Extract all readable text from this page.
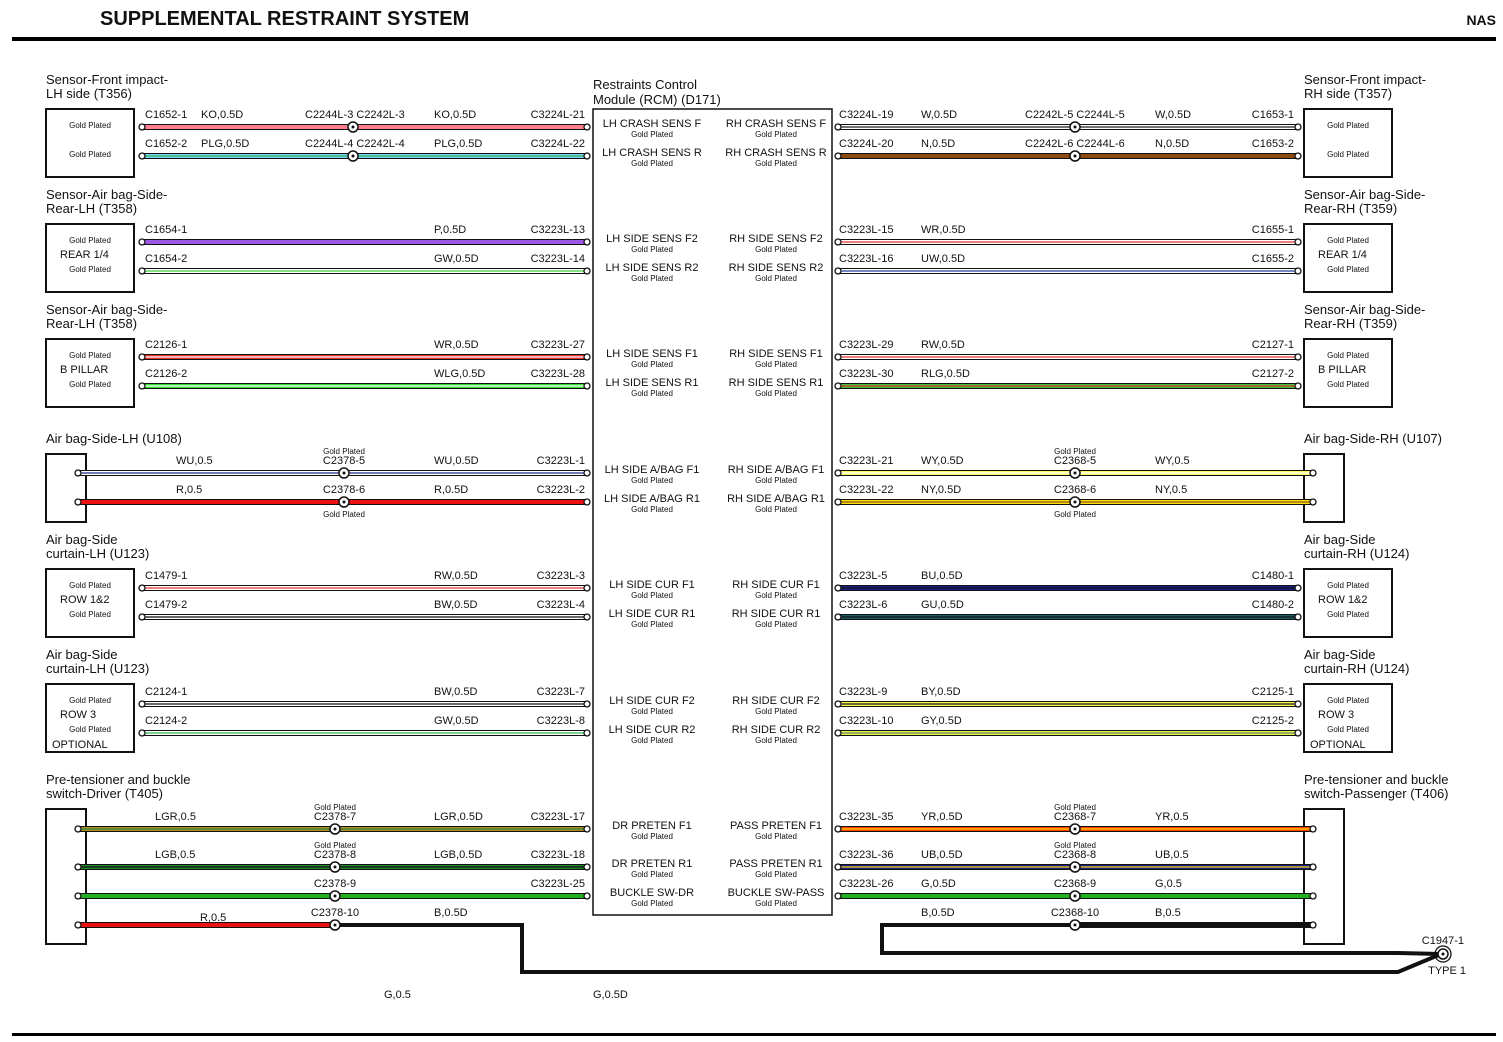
SUPPLEMENTAL RESTRAINT SYSTEM	NAS
Restraints Control
Module (RCM) (D171)
Sensor-Front impact-
LH side (T356)
Gold Plated
Gold Plated
Sensor-Front impact-
RH side (T357)
Gold Plated
Gold Plated
Sensor-Air bag-Side-
Rear-LH (T358)
Gold Plated
Gold Plated
REAR 1/4
Sensor-Air bag-Side-
Rear-RH (T359)
Gold Plated
Gold Plated
REAR 1/4
Sensor-Air bag-Side-
Rear-LH (T358)
Gold Plated
Gold Plated
B PILLAR
Sensor-Air bag-Side-
Rear-RH (T359)
Gold Plated
Gold Plated
B PILLAR
Air bag-Side-LH (U108)	Air bag-Side-RH (U107)
Air bag-Side
curtain-LH (U123)
Gold Plated
Gold Plated
ROW 1&2
Air bag-Side
curtain-RH (U124)
Gold Plated
Gold Plated
ROW 1&2
Air bag-Side
curtain-LH (U123)
Gold Plated
Gold Plated
ROW 3
OPTIONAL
Air bag-Side
curtain-RH (U124)
Gold Plated
Gold Plated
ROW 3
OPTIONAL
Pre-tensioner and buckle
switch-Driver (T405)
Pre-tensioner and buckle
switch-Passenger (T406)
LH CRASH SENS F
Gold Plated
RH CRASH SENS F
Gold Plated
LH CRASH SENS R
Gold Plated
RH CRASH SENS R
Gold Plated
LH SIDE SENS F2
Gold Plated
RH SIDE SENS F2
Gold Plated
LH SIDE SENS R2
Gold Plated
RH SIDE SENS R2
Gold Plated
LH SIDE SENS F1
Gold Plated
RH SIDE SENS F1
Gold Plated
LH SIDE SENS R1
Gold Plated
RH SIDE SENS R1
Gold Plated
LH SIDE A/BAG F1
Gold Plated
RH SIDE A/BAG F1
Gold Plated
LH SIDE A/BAG R1
Gold Plated
RH SIDE A/BAG R1
Gold Plated
LH SIDE CUR F1
Gold Plated
RH SIDE CUR F1
Gold Plated
LH SIDE CUR R1
Gold Plated
RH SIDE CUR R1
Gold Plated
LH SIDE CUR F2
Gold Plated
RH SIDE CUR F2
Gold Plated
LH SIDE CUR R2
Gold Plated
RH SIDE CUR R2
Gold Plated
DR PRETEN F1
Gold Plated
PASS PRETEN F1
Gold Plated
DR PRETEN R1
Gold Plated
PASS PRETEN R1
Gold Plated
BUCKLE SW-DR
Gold Plated
BUCKLE SW-PASS
Gold Plated
C1652-1 KO,0.5D	C2244L-3 C2242L-3	KO,0.5D	C3224L-21
C1652-2 PLG,0.5D	C2244L-4 C2242L-4	PLG,0.5D	C3224L-22
C3224L-19	W,0.5D	C2242L-5 C2244L-5	W,0.5D	C1653-1
C3224L-20	N,0.5D	C2242L-6 C2244L-6	N,0.5D	C1653-2
C1654-1	P,0.5D	C3223L-13
C1654-2	GW,0.5D	C3223L-14
C3223L-15	WR,0.5D	C1655-1
C3223L-16	UW,0.5D	C1655-2
C2126-1	WR,0.5D	C3223L-27
C2126-2	WLG,0.5D	C3223L-28
C3223L-29	RW,0.5D	C2127-1
C3223L-30	RLG,0.5D	C2127-2
WU,0.5	C2378-5	WU,0.5D	C3223L-1
Gold Plated
R,0.5	C2378-6	R,0.5D	C3223L-2
Gold Plated
C3223L-21	WY,0.5D	C2368-5	WY,0.5
Gold Plated
C3223L-22	NY,0.5D	C2368-6	NY,0.5
Gold Plated
C1479-1	RW,0.5D	C3223L-3
C1479-2	BW,0.5D	C3223L-4
C3223L-5	BU,0.5D	C1480-1
C3223L-6	GU,0.5D	C1480-2
C2124-1	BW,0.5D	C3223L-7
C2124-2	GW,0.5D	C3223L-8
C3223L-9	BY,0.5D	C2125-1
C3223L-10	GY,0.5D	C2125-2
LGR,0.5	C2378-7	LGR,0.5D	C3223L-17
Gold Plated
LGB,0.5	C2378-8	LGB,0.5D	C3223L-18
Gold Plated
C2378-9	C3223L-25
R,0.5	C2378-10	B,0.5D
C3223L-35	YR,0.5D	C2368-7	YR,0.5
Gold Plated
C3223L-36	UB,0.5D	C2368-8	UB,0.5
Gold Plated
C3223L-26	G,0.5D	C2368-9	G,0.5
B,0.5D	C2368-10	B,0.5
C1947-1
TYPE 1
G,0.5	G,0.5D
